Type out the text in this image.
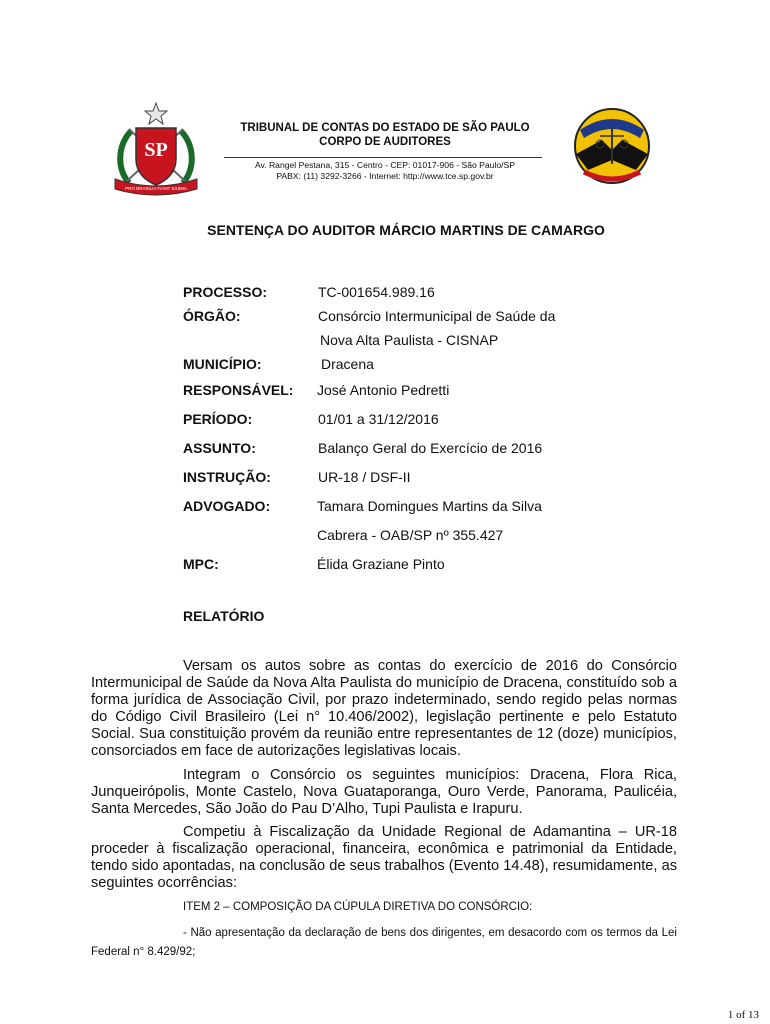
SP
PRO BRASILIA FIANT EXIMIA
TRIBUNAL DE CONTAS DO ESTADO DE SÃO PAULO
CORPO DE AUDITORES
Av. Rangel Pestana, 315 - Centro - CEP: 01017-906 - São Paulo/SP
PABX: (11) 3292-3266 - Internet: http://www.tce.sp.gov.br
SENTENÇA DO AUDITOR MÁRCIO MARTINS DE CAMARGO
PROCESSO:	TC-001654.989.16
ÓRGÃO:	Consórcio Intermunicipal de Saúde da
Nova Alta Paulista - CISNAP
MUNICÍPIO:	Dracena
RESPONSÁVEL: José Antonio Pedretti
PERÍODO:	01/01 a 31/12/2016
ASSUNTO:	Balanço Geral do Exercício de 2016
INSTRUÇÃO:	UR-18 / DSF-II
ADVOGADO:	Tamara Domingues Martins da Silva
Cabrera - OAB/SP nº 355.427
MPC:	Élida Graziane Pinto
RELATÓRIO
Versam os autos sobre as contas do exercício de 2016 do Consórcio Intermunicipal de Saúde da Nova Alta Paulista do município de Dracena, constituído sob a forma jurídica de Associação Civil, por prazo indeterminado, sendo regido pelas normas do Código Civil Brasileiro (Lei n° 10.406/2002), legislação pertinente e pelo Estatuto Social. Sua constituição provém da reunião entre representantes de 12 (doze) municípios, consorciados em face de autorizações legislativas locais.
Integram o Consórcio os seguintes municípios: Dracena, Flora Rica, Junqueirópolis, Monte Castelo, Nova Guataporanga, Ouro Verde, Panorama, Paulicéia, Santa Mercedes, São João do Pau D’Alho, Tupi Paulista e Irapuru.
Competiu à Fiscalização da Unidade Regional de Adamantina – UR-18 proceder à fiscalização operacional, financeira, econômica e patrimonial da Entidade, tendo sido apontadas, na conclusão de seus trabalhos (Evento 14.48), resumidamente, as seguintes ocorrências:
ITEM 2 – COMPOSIÇÃO DA CÚPULA DIRETIVA DO CONSÓRCIO:
- Não apresentação da declaração de bens dos dirigentes, em desacordo com os termos da Lei Federal n° 8.429/92;
1 of 13
